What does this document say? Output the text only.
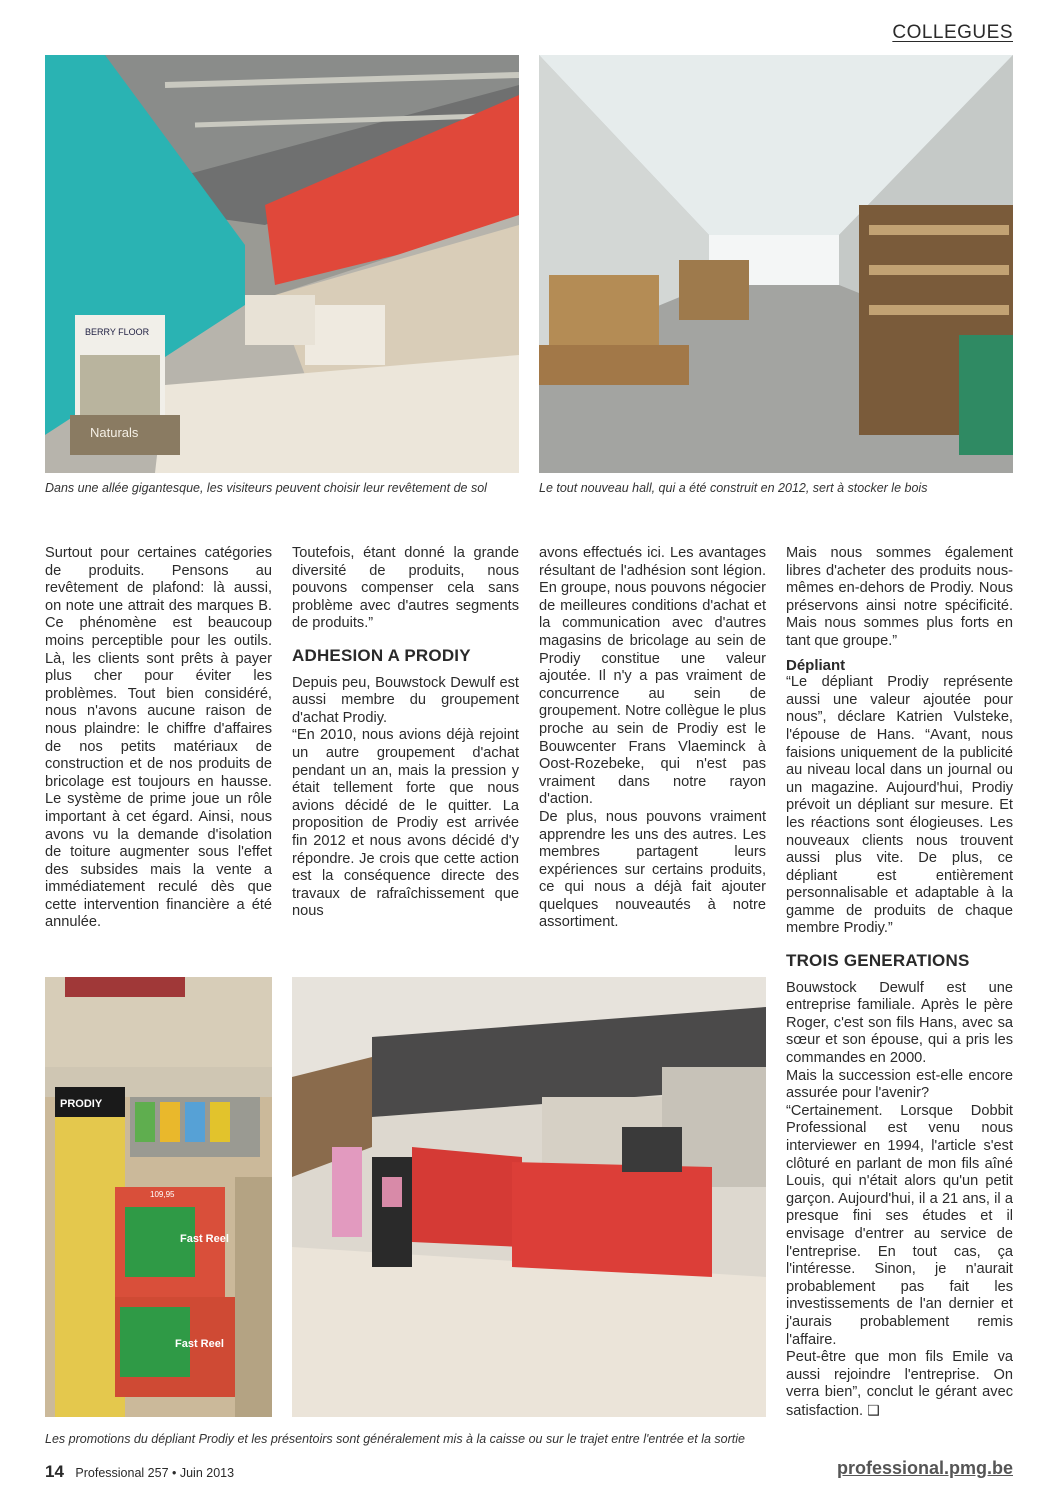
COLLEGUES
BERRY FLOOR
Naturals
Dans une allée gigantesque, les visiteurs peuvent choisir leur revêtement de sol	Le tout nouveau hall, qui a été construit en 2012, sert à stocker le bois

Surtout pour certaines catégories de produits. Pensons au revêtement de plafond: là aussi, on note une attrait des marques B. Ce phénomène est beaucoup moins perceptible pour les outils. Là, les clients sont prêts à payer plus cher pour éviter les problèmes. Tout bien considéré, nous n'avons aucune raison de nous plaindre: le chiffre d'affaires de nos petits matériaux de construction et de nos produits de bricolage est toujours en hausse. Le système de prime joue un rôle important à cet égard. Ainsi, nous avons vu la demande d'isolation de toiture augmenter sous l'effet des subsides mais la vente a immédiatement reculé dès que cette intervention financière a été annulée.

Toutefois, étant donné la grande diversité de produits, nous pouvons compenser cela sans problème avec d'autres segments de produits.”

ADHESION A PRODIY

Depuis peu, Bouwstock Dewulf est aussi membre du groupement d'achat Prodiy.

“En 2010, nous avions déjà rejoint un autre groupement d'achat pendant un an, mais la pression y était tellement forte que nous avions décidé de le quitter. La proposition de Prodiy est arrivée fin 2012 et nous avons décidé d'y répondre. Je crois que cette action est la conséquence directe des travaux de rafraîchissement que nous

avons effectués ici. Les avantages résultant de l'adhésion sont légion. En groupe, nous pouvons négocier de meilleures conditions d'achat et la communication avec d'autres magasins de bricolage au sein de Prodiy constitue une valeur ajoutée. Il n'y a pas vraiment de concurrence au sein de groupement. Notre collègue le plus proche au sein de Prodiy est le Bouwcenter Frans Vlaeminck à Oost-Rozebeke, qui n'est pas vraiment dans notre rayon d'action.

De plus, nous pouvons vraiment apprendre les uns des autres. Les membres partagent leurs expériences sur certains produits, ce qui nous a déjà fait ajouter quelques nouveautés à notre assortiment.

Mais nous sommes également libres d'acheter des produits nous-mêmes en-dehors de Prodiy. Nous préservons ainsi notre spécificité. Mais nous sommes plus forts en tant que groupe.”

Dépliant

“Le dépliant Prodiy représente aussi une valeur ajoutée pour nous”, déclare Katrien Vulsteke, l'épouse de Hans. “Avant, nous faisions uniquement de la publicité au niveau local dans un journal ou un magazine. Aujourd'hui, Prodiy prévoit un dépliant sur mesure. Et les réactions sont élogieuses. Les nouveaux clients nous trouvent aussi plus vite. De plus, ce dépliant est entièrement personnalisable et adaptable à la gamme de produits de chaque membre Prodiy.”

TROIS GENERATIONS

Bouwstock Dewulf est une entreprise familiale. Après le père Roger, c'est son fils Hans, avec sa sœur et son épouse, qui a pris les commandes en 2000.

Mais la succession est-elle encore assurée pour l'avenir?

“Certainement. Lorsque Dobbit Professional est venu nous interviewer en 1994, l'article s'est clôturé en parlant de mon fils aîné Louis, qui n'était alors qu'un petit garçon. Aujourd'hui, il a 21 ans, il a presque fini ses études et il envisage d'entrer au service de l'entreprise. En tout cas, ça l'intéresse. Sinon, je n'aurait probablement pas fait les investissements de l'an dernier et j'aurais probablement remis l'affaire.

Peut-être que mon fils Emile va aussi rejoindre l'entreprise. On verra bien”, conclut le gérant avec satisfaction. ❑

PRODIY
109,95
Fast Reel
Fast Reel
Les promotions du dépliant Prodiy et les présentoirs sont généralement mis à la caisse ou sur le trajet entre l'entrée et la sortie
14 Professional 257 • Juin 2013	professional.pmg.be
